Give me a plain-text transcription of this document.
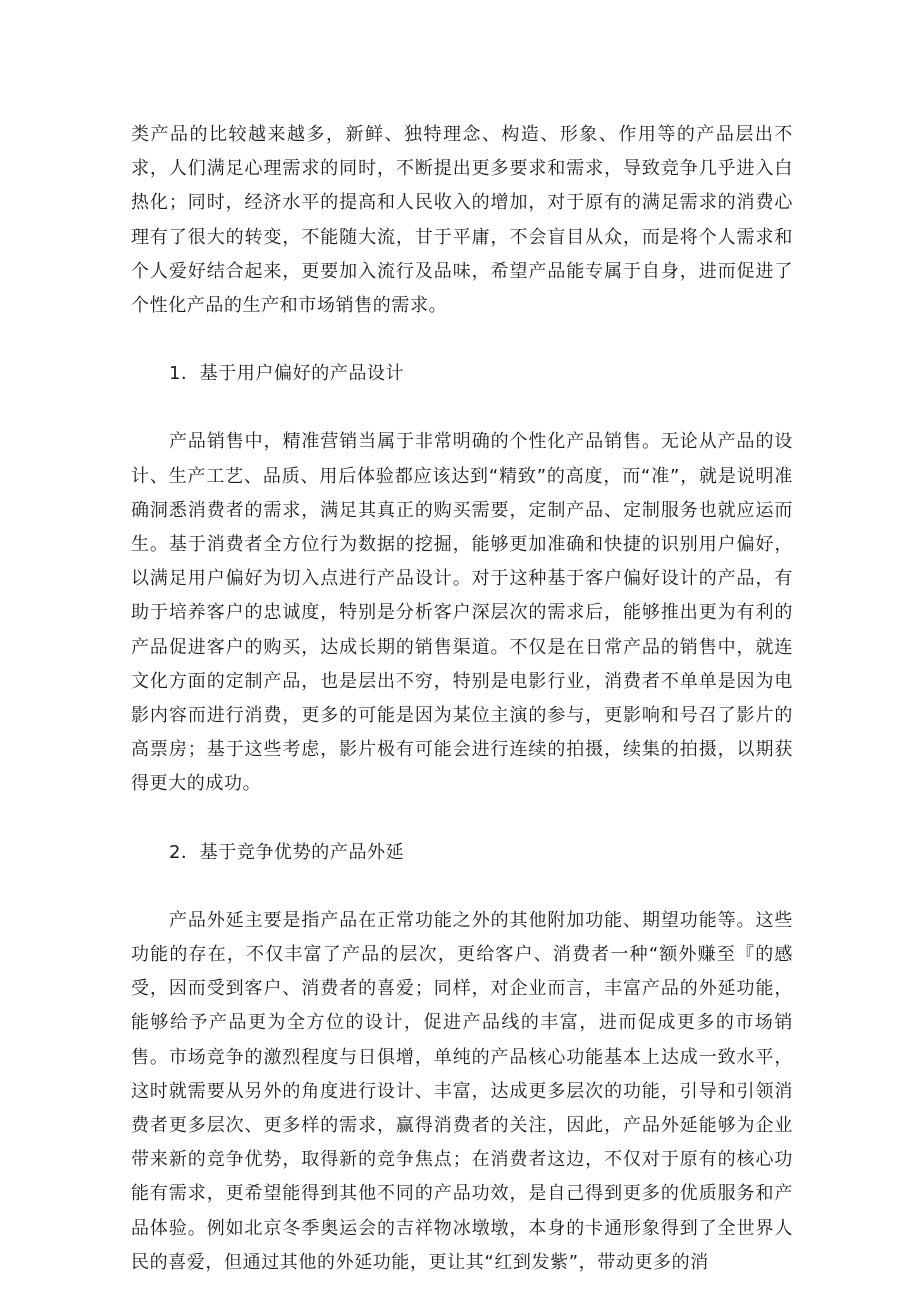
类产品的比较越来越多，新鲜、独特理念、构造、形象、作用等的产品层出不求，人们满足心理需求的同时，不断提出更多要求和需求，导致竞争几乎进入白热化；同时，经济水平的提高和人民收入的增加，对于原有的满足需求的消费心理有了很大的转变，不能随大流，甘于平庸，不会盲目从众，而是将个人需求和个人爱好结合起来，更要加入流行及品味，希望产品能专属于自身，进而促进了个性化产品的生产和市场销售的需求。

1．基于用户偏好的产品设计

产品销售中，精准营销当属于非常明确的个性化产品销售。无论从产品的设计、生产工艺、品质、用后体验都应该达到“精致”的高度，而“准”，就是说明准确洞悉消费者的需求，满足其真正的购买需要，定制产品、定制服务也就应运而生。基于消费者全方位行为数据的挖掘，能够更加准确和快捷的识别用户偏好，以满足用户偏好为切入点进行产品设计。对于这种基于客户偏好设计的产品，有助于培养客户的忠诚度，特别是分析客户深层次的需求后，能够推出更为有利的产品促进客户的购买，达成长期的销售渠道。不仅是在日常产品的销售中，就连文化方面的定制产品，也是层出不穷，特别是电影行业，消费者不单单是因为电影内容而进行消费，更多的可能是因为某位主演的参与，更影响和号召了影片的高票房；基于这些考虑，影片极有可能会进行连续的拍摄，续集的拍摄，以期获得更大的成功。

2．基于竞争优势的产品外延

产品外延主要是指产品在正常功能之外的其他附加功能、期望功能等。这些功能的存在，不仅丰富了产品的层次，更给客户、消费者一种“额外赚至『的感受，因而受到客户、消费者的喜爱；同样，对企业而言，丰富产品的外延功能，能够给予产品更为全方位的设计，促进产品线的丰富，进而促成更多的市场销售。市场竞争的激烈程度与日俱增，单纯的产品核心功能基本上达成一致水平，这时就需要从另外的角度进行设计、丰富，达成更多层次的功能，引导和引领消费者更多层次、更多样的需求，赢得消费者的关注，因此，产品外延能够为企业带来新的竞争优势，取得新的竞争焦点；在消费者这边，不仅对于原有的核心功能有需求，更希望能得到其他不同的产品功效，是自己得到更多的优质服务和产品体验。例如北京冬季奥运会的吉祥物冰墩墩，本身的卡通形象得到了全世界人民的喜爱，但通过其他的外延功能，更让其“红到发紫”，带动更多的消
